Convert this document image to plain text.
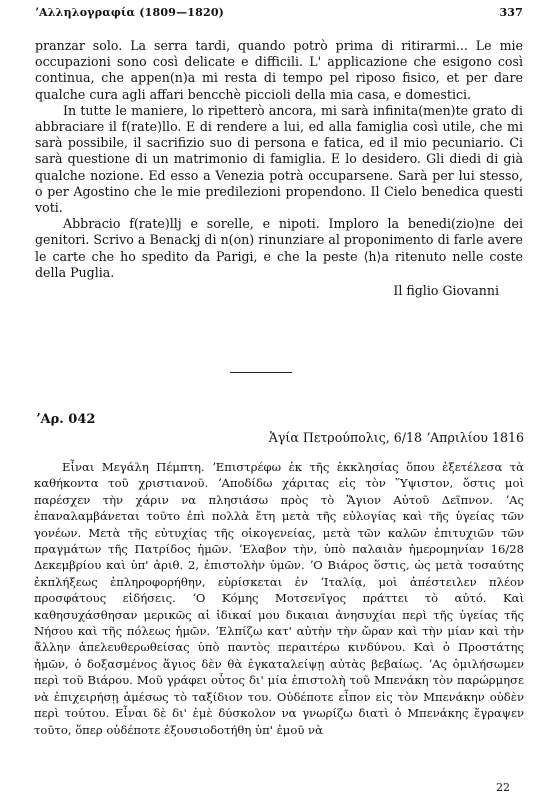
ʼΑλληλογραφία (1809—1820)	337

pranzar solo. La serra tardi, quando potrò prima di ritirarmi... Le mie occupazioni sono così delicate e difficili. L' applicazione che esigono così continua, che appen(n)a mi resta di tempo pel riposo fisico, et per dare qualche cura agli affari bencchè piccioli della mia casa, e domestici.

In tutte le maniere, lo ripetterò ancora, mi sarà infinita(men)te grato di abbraciare il f(rate)llo. E di rendere a lui, ed alla famiglia così utile, che mi sarà possibile, il sacrifizio suo di persona e fatica, ed il mio pecuniario. Ci sarà questione di un matrimonio di famiglia. E lo desidero. Gli diedi di già qualche nozione. Ed esso a Venezia potrà occuparsene. Sarà per lui stesso, o per Agostino che le mie predilezioni propendono. Il Cielo benedica questi voti.

Abbracio f(rate)llj e sorelle, e nipoti. Imploro la benedi(zio)ne dei genitori. Scrivo a Benackj di n(on) rinunziare al proponimento di farle avere le carte che ho spedito da Parigi, e che la peste ⟨h⟩a ritenuto nelle coste della Puglia.

Il figlio Giovanni
ʼΑρ. 042
Ἁγία Πετρούπολις, 6/18 ʼΑπριλίου 1816

Εἶναι Μεγάλη Πέμπτη. ʼΕπιστρέφω ἐκ τῆς ἐκκλησίας ὅπου ἐξετέλεσα τὰ καθήκοντα τοῦ χριστιανοῦ. ʼΑποδίδω χάριτας εἰς τὸν Ὕψιστον, ὅστις μοὶ παρέσχεν τὴν χάριν να πλησιάσω πρὸς τὸ Ἅγιον Αὐτοῦ Δεῖπνον. ʼΑς ἐπαναλαμβάνεται τοῦτο ἐπὶ πολλὰ ἔτη μετὰ τῆς εὐλογίας καὶ τῆς ὑγείας τῶν γονέων. Μετὰ τῆς εὐτυχίας τῆς οἰκογενείας, μετὰ τῶν καλῶν ἐπιτυχιῶν τῶν πραγμάτων τῆς Πατρίδος ἡμῶν. ʼΕλαβον τὴν, ὑπὸ παλαιὰν ἡμερομηνίαν 16/28 Δεκεμβρίου καὶ ὑπ' ἀριθ. 2, ἐπιστολὴν ὑμῶν. ʼΟ Βιάρος ὅστις, ὡς μετὰ τοσαύτης ἐκπλήξεως ἐπληροφορήθην, εὑρίσκεται ἐν ʼΙταλίᾳ, μοὶ ἀπέστειλεν πλέον προσφάτους εἰδήσεις. ʼΟ Κόμης Μοτσενῖγος πράττει τὸ αὐτό. Καὶ καθησυχάσθησαν μερικῶς αἱ ἰδικαί μου δικαιαι ἀνησυχίαι περὶ τῆς ὑγείας τῆς Νήσου καὶ τῆς πόλεως ἡμῶν. ʼΕλπίζω κατ' αὐτὴν τὴν ὥραν καὶ τὴν μίαν καὶ τὴν ἄλλην ἀπελευθερωθείσας ὑπὸ παντὸς περαιτέρω κινδύνου. Καὶ ὁ Προστάτης ἡμῶν, ὁ δοξασμένος ἅγιος δὲν θὰ ἐγκαταλείψῃ αὐτὰς βεβαίως. ʼΑς ὁμιλήσωμεν περὶ τοῦ Βιάρου. Μοῦ γράφει οὗτος δι' μία ἐπιστολὴ τοῦ Μπενάκη τὸν παρώρμησε νὰ ἐπιχειρήσῃ ἀμέσως τὸ ταξίδιον του. Οὐδέποτε εἶπον εἰς τὸν Μπενάκην οὐδὲν περὶ τούτου. Εἶναι δὲ δι' ἐμὲ δύσκολον να γνωρίζω διατὶ ὁ Μπενάκης ἔγραψεν τοῦτο, ὅπερ οὐδέποτε ἐξουσιοδοτήθη ὑπ' ἐμοῦ νὰ

22
